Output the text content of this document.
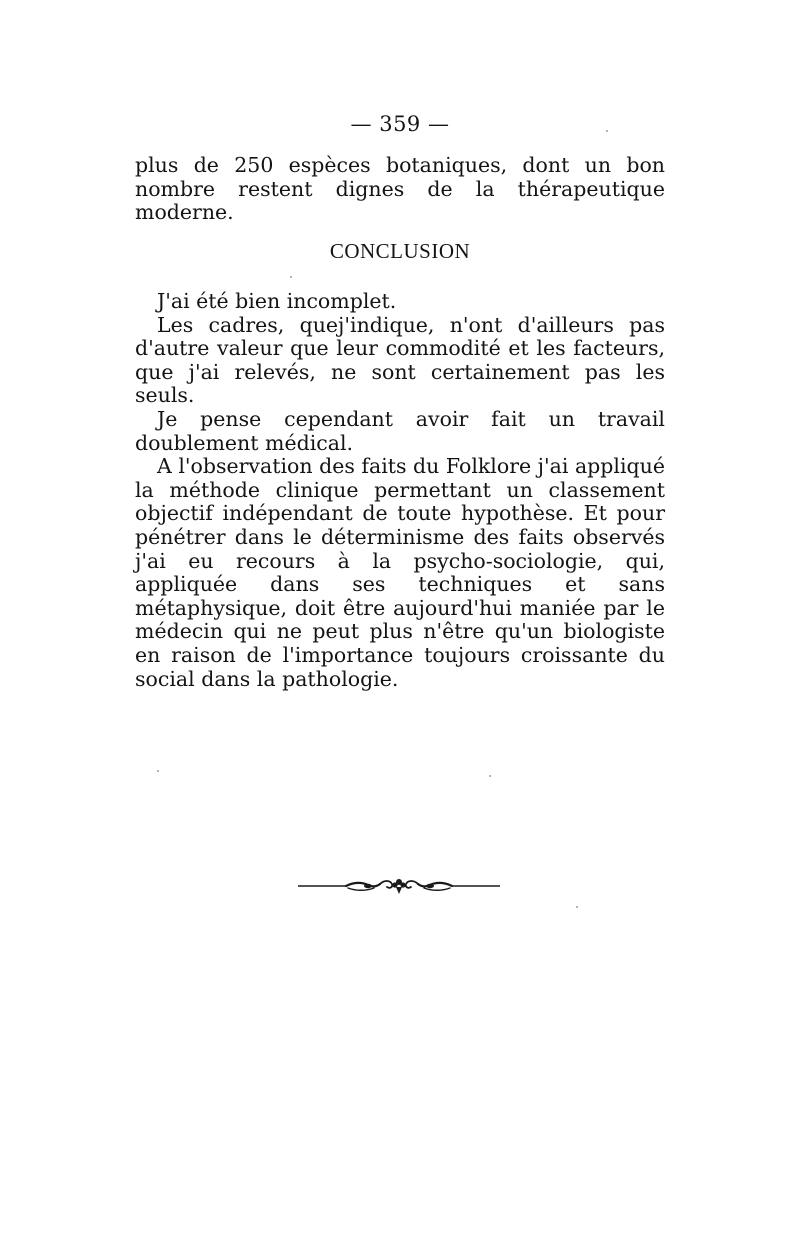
— 359 —

plus de 250 espèces botaniques, dont un bon nombre restent dignes de la thérapeutique moderne.

CONCLUSION

J'ai été bien incomplet.

Les cadres, quej'indique, n'ont d'ailleurs pas d'autre valeur que leur commodité et les facteurs, que j'ai relevés, ne sont certainement pas les seuls.

Je pense cependant avoir fait un travail doublement médical.

A l'observation des faits du Folklore j'ai appliqué la méthode clinique permettant un classement objectif indépendant de toute hypothèse. Et pour pénétrer dans le déterminisme des faits observés j'ai eu recours à la psycho-sociologie, qui, appliquée dans ses techniques et sans métaphysique, doit être aujourd'hui maniée par le médecin qui ne peut plus n'être qu'un biologiste en raison de l'importance toujours croissante du social dans la pathologie.
